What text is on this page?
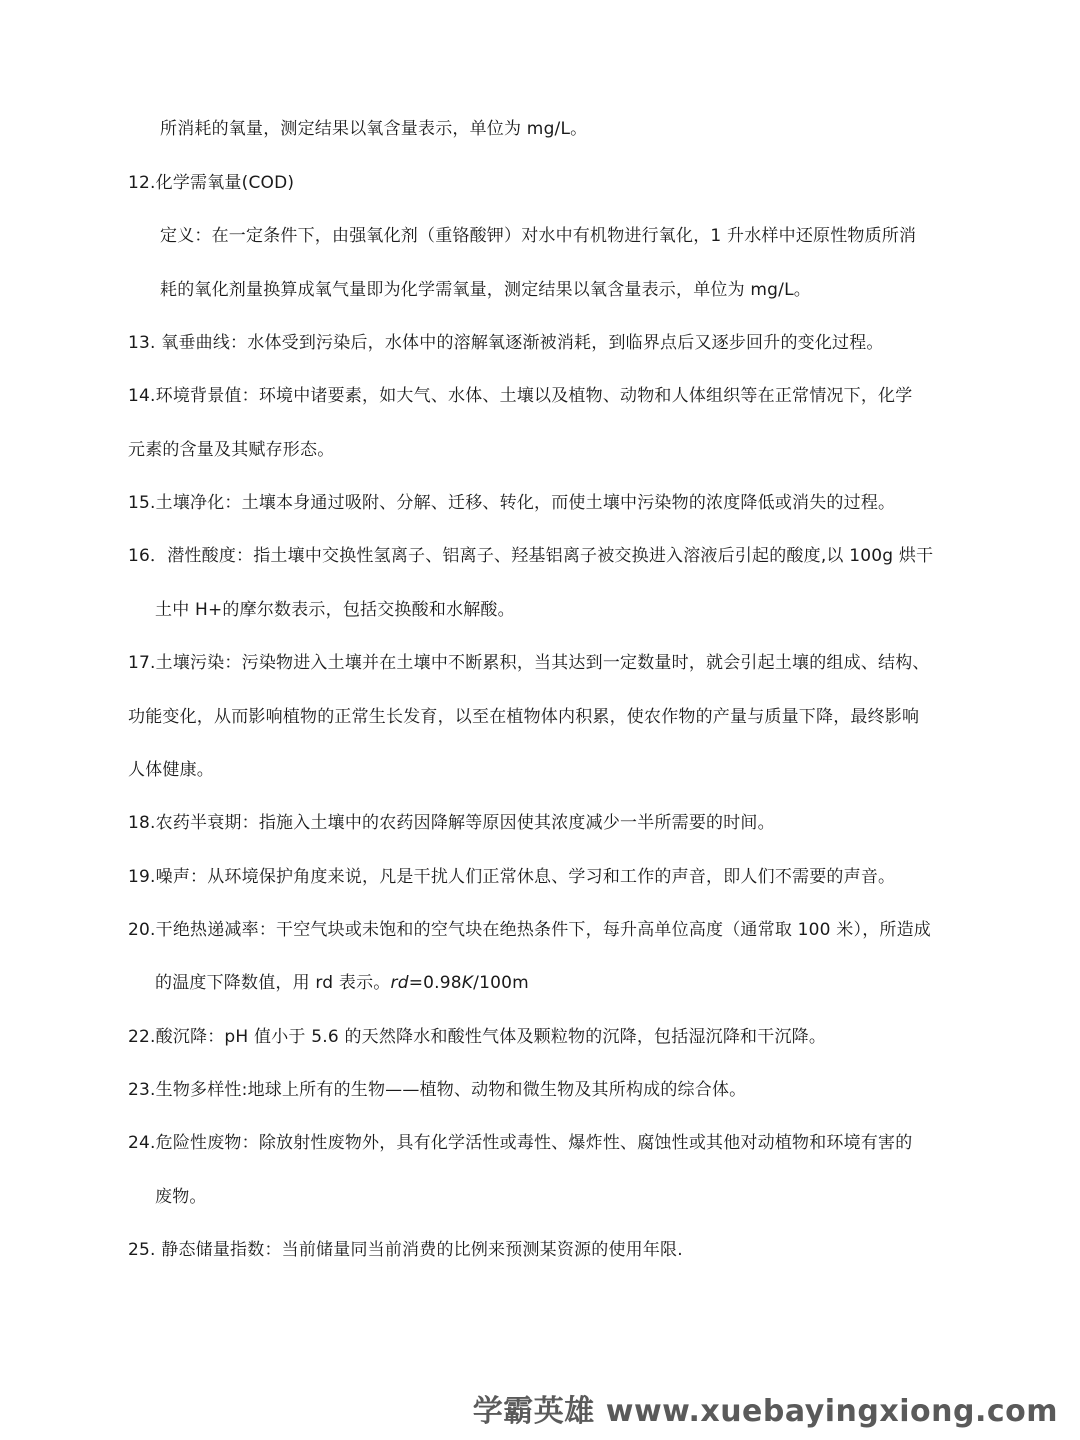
所消耗的氧量，测定结果以氧含量表示，单位为 mg/L。
12.化学需氧量(COD)
定义：在一定条件下，由强氧化剂（重铬酸钾）对水中有机物进行氧化，1 升水样中还原性物质所消
耗的氧化剂量换算成氧气量即为化学需氧量，测定结果以氧含量表示，单位为 mg/L。
13. 氧垂曲线：水体受到污染后，水体中的溶解氧逐渐被消耗，到临界点后又逐步回升的变化过程。
14.环境背景值：环境中诸要素，如大气、水体、土壤以及植物、动物和人体组织等在正常情况下，化学
元素的含量及其赋存形态。
15.土壤净化：土壤本身通过吸附、分解、迁移、转化，而使土壤中污染物的浓度降低或消失的过程。
16．潜性酸度：指土壤中交换性氢离子、铝离子、羟基铝离子被交换进入溶液后引起的酸度,以 100g 烘干
土中 H+的摩尔数表示，包括交换酸和水解酸。
17.土壤污染：污染物进入土壤并在土壤中不断累积，当其达到一定数量时，就会引起土壤的组成、结构、
功能变化，从而影响植物的正常生长发育，以至在植物体内积累，使农作物的产量与质量下降，最终影响
人体健康。
18.农药半衰期：指施入土壤中的农药因降解等原因使其浓度减少一半所需要的时间。
19.噪声：从环境保护角度来说，凡是干扰人们正常休息、学习和工作的声音，即人们不需要的声音。
20.干绝热递减率：干空气块或未饱和的空气块在绝热条件下，每升高单位高度（通常取 100 米），所造成
的温度下降数值，用 rd 表示。rd=0.98K/100m
22.酸沉降：pH 值小于 5.6 的天然降水和酸性气体及颗粒物的沉降，包括湿沉降和干沉降。
23.生物多样性:地球上所有的生物——植物、动物和微生物及其所构成的综合体。
24.危险性废物：除放射性废物外，具有化学活性或毒性、爆炸性、腐蚀性或其他对动植物和环境有害的
废物。
25. 静态储量指数：当前储量同当前消费的比例来预测某资源的使用年限.
学霸英雄 www.xuebayingxiong.com
